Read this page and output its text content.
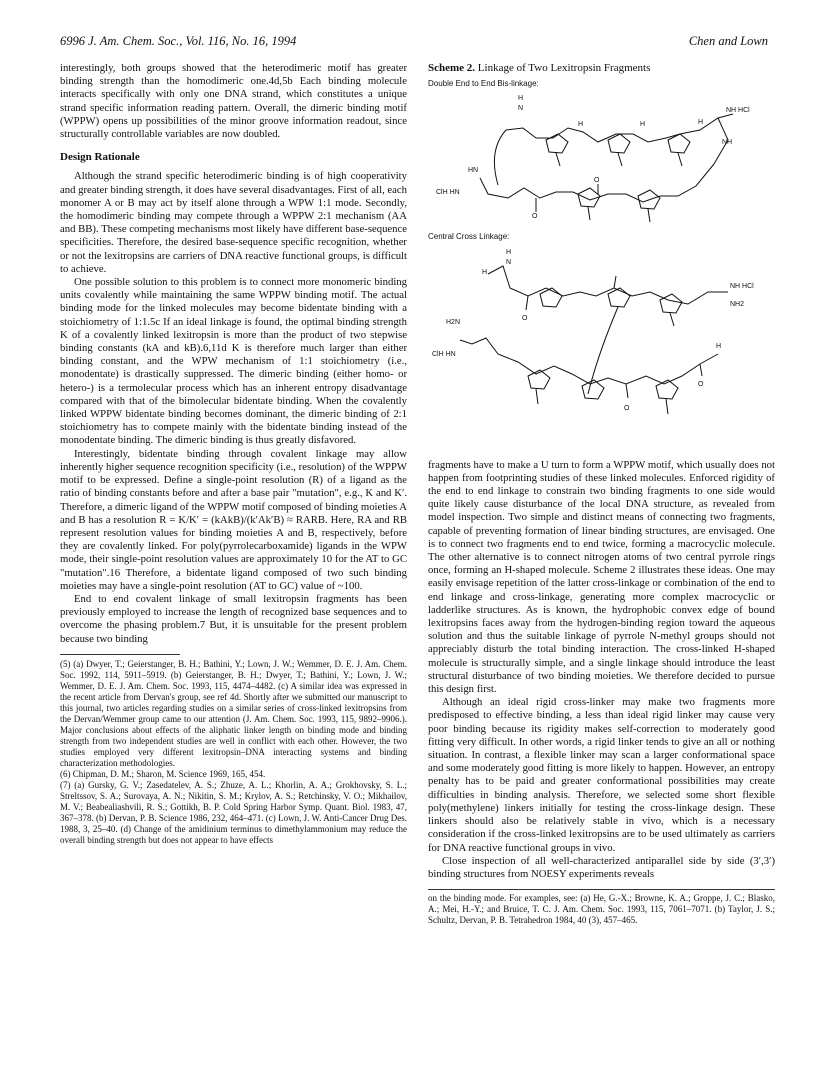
6996 J. Am. Chem. Soc., Vol. 116, No. 16, 1994	Chen and Lown

interestingly, both groups showed that the heterodimeric motif has greater binding strength than the homodimeric one.4d,5b Each binding molecule interacts specifically with only one DNA strand, which constitutes a unique strand specific information reading pattern. Overall, the dimeric binding motif (WPPW) opens up possibilities of the minor groove information readout, since structurally controllable variables are now doubled.

Design Rationale

Although the strand specific heterodimeric binding is of high cooperativity and greater binding strength, it does have several disadvantages. First of all, each monomer A or B may act by itself alone through a WPW 1:1 mode. Secondly, the homodimeric binding may compete through a WPPW 2:1 mechanism (AA and BB). These competing mechanisms most likely have different base-sequence specificities. Therefore, the desired base-sequence specific recognition, whether or not the lexitropsins are carriers of DNA reactive functional groups, is difficult to achieve.

One possible solution to this problem is to connect more monomeric binding units covalently while maintaining the same WPPW binding motif. The actual binding mode for the linked molecules may become bidentate binding with a stoichiometry of 1:1.5c If an ideal linkage is found, the optimal binding strength K of a covalently linked lexitropsin is more than the product of two stepwise binding constants (kA and kB).6,11d K is therefore much larger than either binding constant, and the WPW mechanism of 1:1 stoichiometry (i.e., monodentate) is drastically suppressed. The dimeric binding (either homo- or hetero-) is a termolecular process which has an inherent entropy disadvantage compared with that of the bimolecular bidentate binding. When the covalently linked WPPW bidentate binding becomes dominant, the dimeric binding of 2:1 stoichiometry has to compete mainly with the bidentate binding instead of the monodentate binding. The dimeric binding is thus greatly disfavored.

Interestingly, bidentate binding through covalent linkage may allow inherently higher sequence recognition specificity (i.e., resolution) of the WPPW motif to be expressed. Define a single-point resolution (R) of a ligand as the ratio of binding constants before and after a base pair "mutation", e.g., K and K′. Therefore, a dimeric ligand of the WPPW motif composed of binding moieties A and B has a resolution R = K/K′ = (kAkB)/(k′Ak′B) ≈ RARB. Here, RA and RB represent resolution values for binding moieties A and B, respectively, before they are covalently linked. For poly(pyrrolecarboxamide) ligands in the WPW mode, their single-point resolution values are approximately 10 for the AT to GC "mutation".16 Therefore, a bidentate ligand composed of two such binding moieties may have a single-point resolution (AT to GC) value of ~100.

End to end covalent linkage of small lexitropsin fragments has been previously employed to increase the length of recognized base sequences and to overcome the phasing problem.7 But, it is unsuitable for the present problem because two binding

(5) (a) Dwyer, T.; Geierstanger, B. H.; Bathini, Y.; Lown, J. W.; Wemmer, D. E. J. Am. Chem. Soc. 1992, 114, 5911–5919. (b) Geierstanger, B. H.; Dwyer, T.; Bathini, Y.; Lown, J. W.; Wemmer, D. E. J. Am. Chem. Soc. 1993, 115, 4474–4482. (c) A similar idea was expressed in the recent article from Dervan's group, see ref 4d. Shortly after we submitted our manuscript to this journal, two articles regarding studies on a similar series of cross-linked lexitropsins from the Dervan/Wemmer group came to our attention (J. Am. Chem. Soc. 1993, 115, 9892–9906.). Major conclusions about effects of the aliphatic linker length on binding mode and binding strength from two independent studies are well in conflict with each other. However, the two studies employed very different lexitropsin–DNA interacting systems and binding characterization methodologies.

(6) Chipman, D. M.; Sharon, M. Science 1969, 165, 454.

(7) (a) Gursky, G. V.; Zasedatelev, A. S.; Zhuze, A. L.; Khorlin, A. A.; Grokhovsky, S. L.; Streltssov, S. A.; Surovaya, A. N.; Nikitin, S. M.; Krylov, A. S.; Retchinsky, V. O.; Mikhailov, M. V.; Beabealiashvili, R. S.; Gottikh, B. P. Cold Spring Harbor Symp. Quant. Biol. 1983, 47, 367–378. (b) Dervan, P. B. Science 1986, 232, 464–471. (c) Lown, J. W. Anti-Cancer Drug Des. 1988, 3, 25–40. (d) Change of the amidinium terminus to dimethylammonium may reduce the overall binding strength but does not appear to have effects

Scheme 2. Linkage of Two Lexitropsin Fragments

Double End to End Bis-linkage:

H
N	NH HCl
NH
HN
ClH HN
O
O
H	H	H

Central Cross Linkage:

H
N
H
NH HCl
NH2
H2N
ClH HN
O
O
O
H

fragments have to make a U turn to form a WPPW motif, which usually does not happen from footprinting studies of these linked molecules. Enforced rigidity of the end to end linkage to constrain two binding fragments to one side would quite likely cause disturbance of the local DNA structure, as revealed from model inspection. Two simple and distinct means of connecting two fragments, capable of preventing formation of linear binding structures, are envisaged. One is to connect two fragments end to end twice, forming a macrocyclic molecule. The other alternative is to connect nitrogen atoms of two central pyrrole rings once, forming an H-shaped molecule. Scheme 2 illustrates these ideas. One may easily envisage repetition of the latter cross-linkage or combination of the end to end linkage and cross-linkage, generating more complex macrocyclic or ladderlike structures. As is known, the hydrophobic convex edge of bound lexitropsins faces away from the hydrogen-binding region toward the aqueous solution and thus the suitable linkage of pyrrole N-methyl groups should not appreciably disturb the total binding interaction. The cross-linked H-shaped molecule is structurally simple, and a single linkage should introduce the least structural disturbance of two binding moieties. We therefore decided to pursue this design first.

Although an ideal rigid cross-linker may make two fragments more predisposed to effective binding, a less than ideal rigid linker may cause very poor binding because its rigidity makes self-correction to moderately good fitting very difficult. In other words, a rigid linker tends to give an all or nothing situation. In contrast, a flexible linker may scan a larger conformational space and some moderately good fitting is more likely to happen. However, an entropy penalty has to be paid and greater conformational possibilities may create difficulties in binding analysis. Therefore, we selected some short flexible poly(methylene) linkers initially for testing the cross-linkage design. These linkers should also be relatively stable in vivo, which is a necessary consideration if the cross-linked lexitropsins are to be used ultimately as carriers for DNA reactive functional groups in vivo.

Close inspection of all well-characterized antiparallel side by side (3′,3′) binding structures from NOESY experiments reveals

on the binding mode. For examples, see: (a) He, G.-X.; Browne, K. A.; Groppe, J. C.; Blasko, A.; Mei, H.-Y.; and Bruice, T. C. J. Am. Chem. Soc. 1993, 115, 7061–7071. (b) Taylor, J. S.; Schultz, Dervan, P. B. Tetrahedron 1984, 40 (3), 457–465.
